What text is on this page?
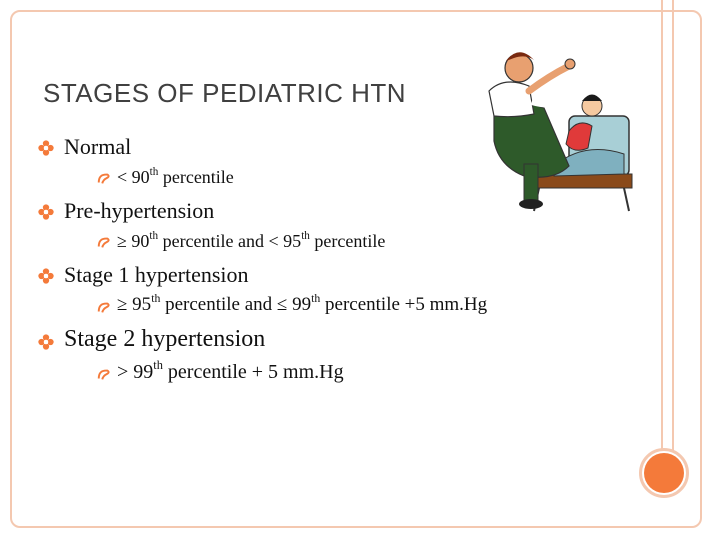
STAGES OF PEDIATRIC HTN
Normal
< 90th percentile
Pre-hypertension
≥ 90th percentile and < 95th percentile
Stage 1 hypertension
≥ 95th percentile and ≤ 99th percentile +5 mm.Hg
Stage 2 hypertension
> 99th percentile + 5 mm.Hg
